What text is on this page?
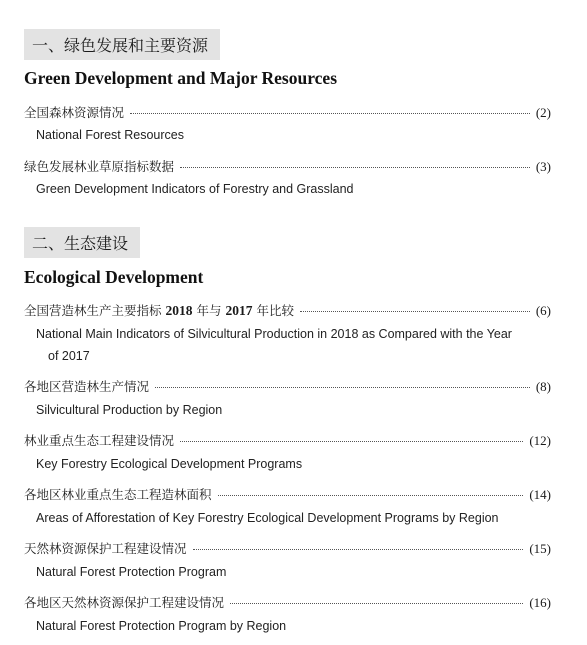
一、绿色发展和主要资源
Green Development and Major Resources
全国森林资源情况	(2)
National Forest Resources
绿色发展林业草原指标数据	(3)
Green Development Indicators of Forestry and Grassland
二、生态建设
Ecological Development
全国营造林生产主要指标 2018 年与 2017 年比较	(6)
National Main Indicators of Silvicultural Production in 2018 as Compared with the Year
of 2017
各地区营造林生产情况	(8)
Silvicultural Production by Region
林业重点生态工程建设情况	(12)
Key Forestry Ecological Development Programs
各地区林业重点生态工程造林面积	(14)
Areas of Afforestation of Key Forestry Ecological Development Programs by Region
天然林资源保护工程建设情况	(15)
Natural Forest Protection Program
各地区天然林资源保护工程建设情况	(16)
Natural Forest Protection Program by Region
